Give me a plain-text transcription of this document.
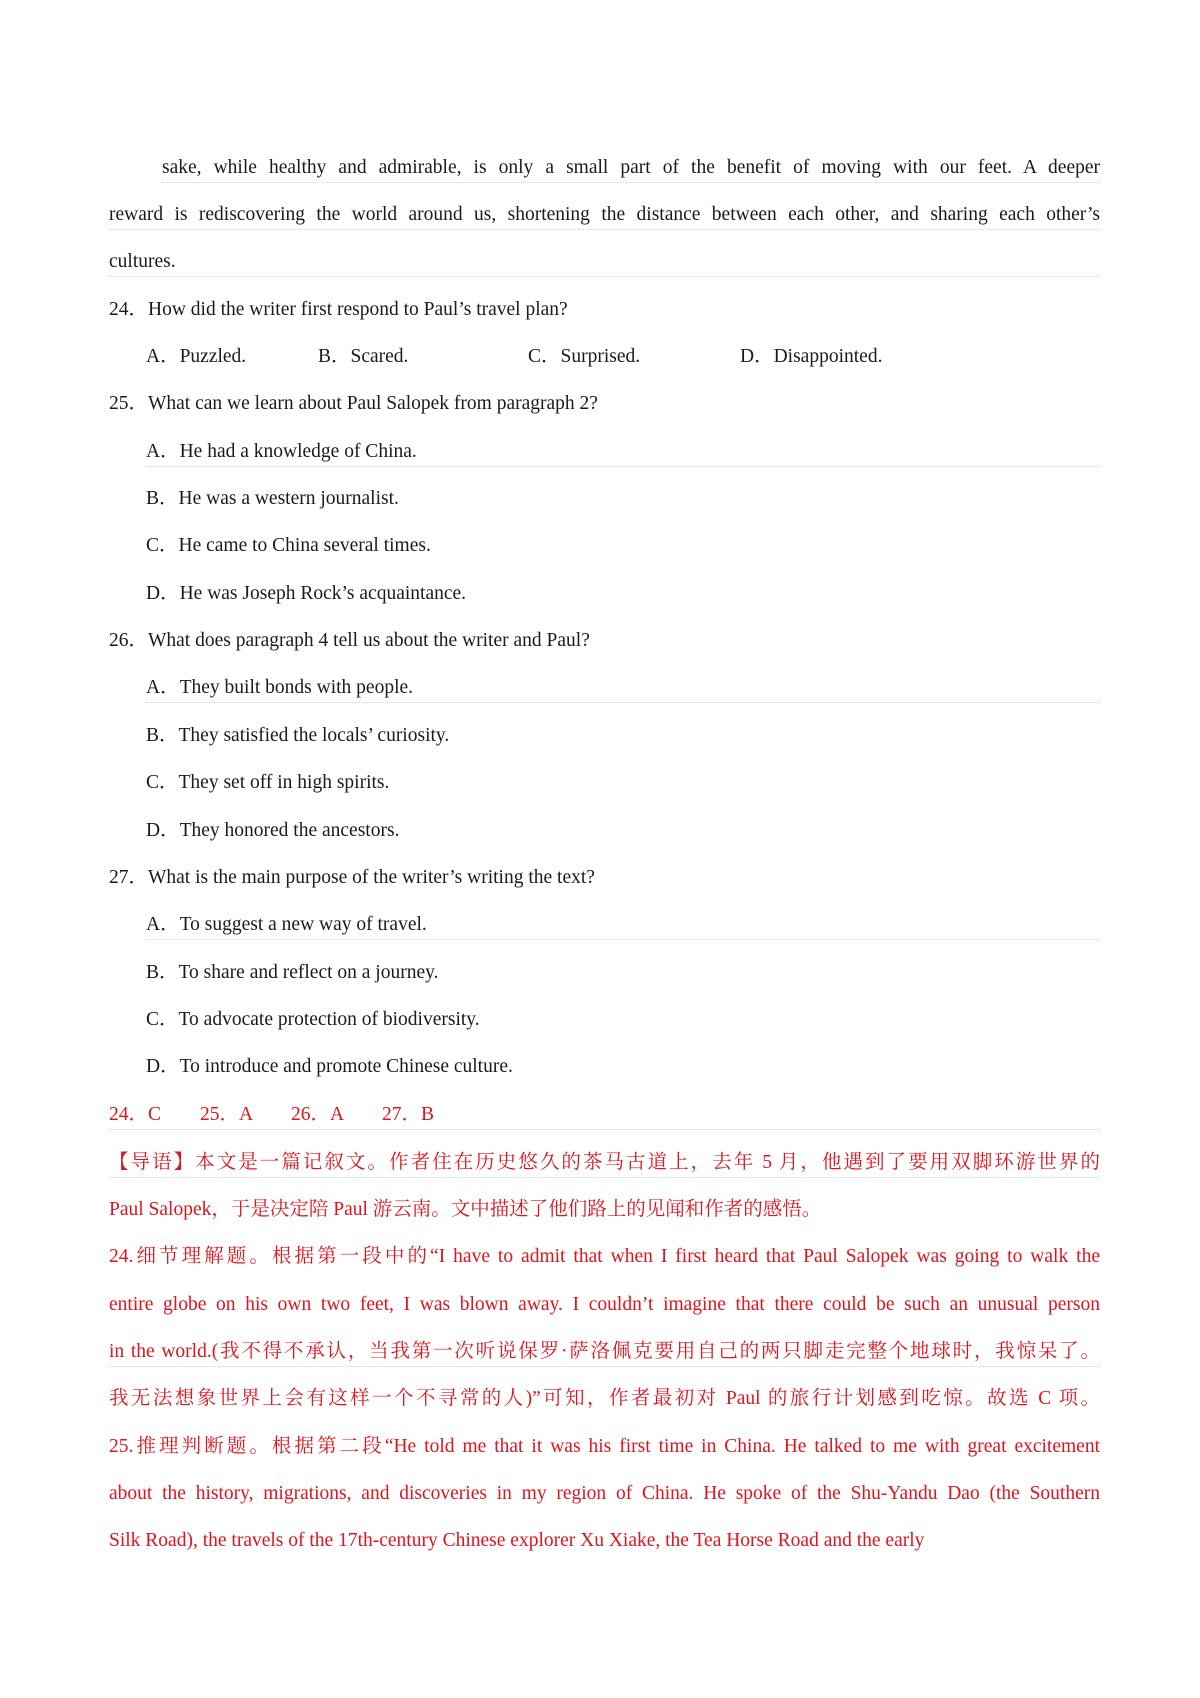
sake, while healthy and admirable, is only a small part of the benefit of moving with our feet. A deeper
reward is rediscovering the world around us, shortening the distance between each other, and sharing each other’s
cultures.
24．How did the writer first respond to Paul’s travel plan?
A．Puzzled.	B．Scared.	C．Surprised.	D．Disappointed.
25．What can we learn about Paul Salopek from paragraph 2?
A．He had a knowledge of China.
B．He was a western journalist.
C．He came to China several times.
D．He was Joseph Rock’s acquaintance.
26．What does paragraph 4 tell us about the writer and Paul?
A．They built bonds with people.
B．They satisfied the locals’ curiosity.
C．They set off in high spirits.
D．They honored the ancestors.
27．What is the main purpose of the writer’s writing the text?
A．To suggest a new way of travel.
B．To share and reflect on a journey.
C．To advocate protection of biodiversity.
D．To introduce and promote Chinese culture.
24．C　　25．A　　26．A　　27．B
【导语】本文是一篇记叙文。作者住在历史悠久的茶马古道上，去年 5 月，他遇到了要用双脚环游世界的
Paul Salopek，于是决定陪 Paul 游云南。文中描述了他们路上的见闻和作者的感悟。
24.细节理解题。根据第一段中的“I have to admit that when I first heard that Paul Salopek was going to walk the
entire globe on his own two feet, I was blown away. I couldn’t imagine that there could be such an unusual person
in the world.(我不得不承认，当我第一次听说保罗·萨洛佩克要用自己的两只脚走完整个地球时，我惊呆了。
我无法想象世界上会有这样一个不寻常的人)”可知，作者最初对 Paul 的旅行计划感到吃惊。故选 C 项。
25.推理判断题。根据第二段“He told me that it was his first time in China. He talked to me with great excitement
about the history, migrations, and discoveries in my region of China. He spoke of the Shu-Yandu Dao (the Southern
Silk Road), the travels of the 17th-century Chinese explorer Xu Xiake, the Tea Horse Road and the early
